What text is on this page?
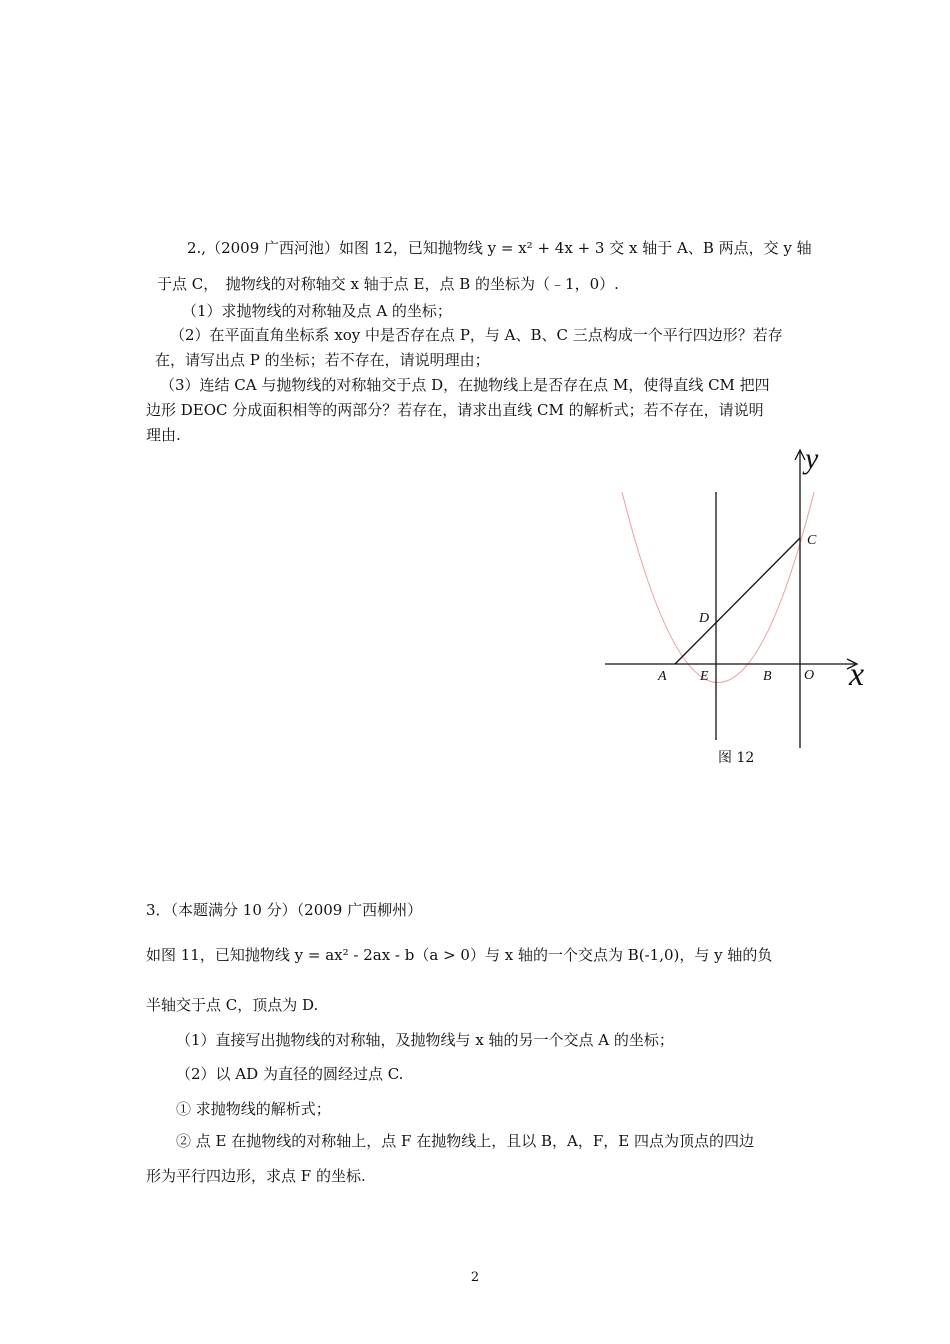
2.,（2009 广西河池）如图 12，已知抛物线 y = x² + 4x + 3 交 x 轴于 A、B 两点，交 y 轴
于点 C，　抛物线的对称轴交 x 轴于点 E，点 B 的坐标为（﹣1，0）.
（1）求抛物线的对称轴及点 A 的坐标；
（2）在平面直角坐标系 xoy 中是否存在点 P，与 A、B、C 三点构成一个平行四边形？若存
在，请写出点 P 的坐标；若不存在，请说明理由；
（3）连结 CA 与抛物线的对称轴交于点 D，在抛物线上是否存在点 M，使得直线 CM 把四
边形 DEOC 分成面积相等的两部分？若存在，请求出直线 CM 的解析式；若不存在，请说明
理由.
y
x
C
D
A E	B O
图 12
3．（本题满分 10 分）（2009 广西柳州）
如图 11，已知抛物线 y = ax² - 2ax - b（a > 0）与 x 轴的一个交点为 B(-1,0)，与 y 轴的负
半轴交于点 C，顶点为 D.
（1）直接写出抛物线的对称轴，及抛物线与 x 轴的另一个交点 A 的坐标；
（2）以 AD 为直径的圆经过点 C.
① 求抛物线的解析式；
② 点 E 在抛物线的对称轴上，点 F 在抛物线上，且以 B，A，F，E 四点为顶点的四边
形为平行四边形，求点 F 的坐标.
2
